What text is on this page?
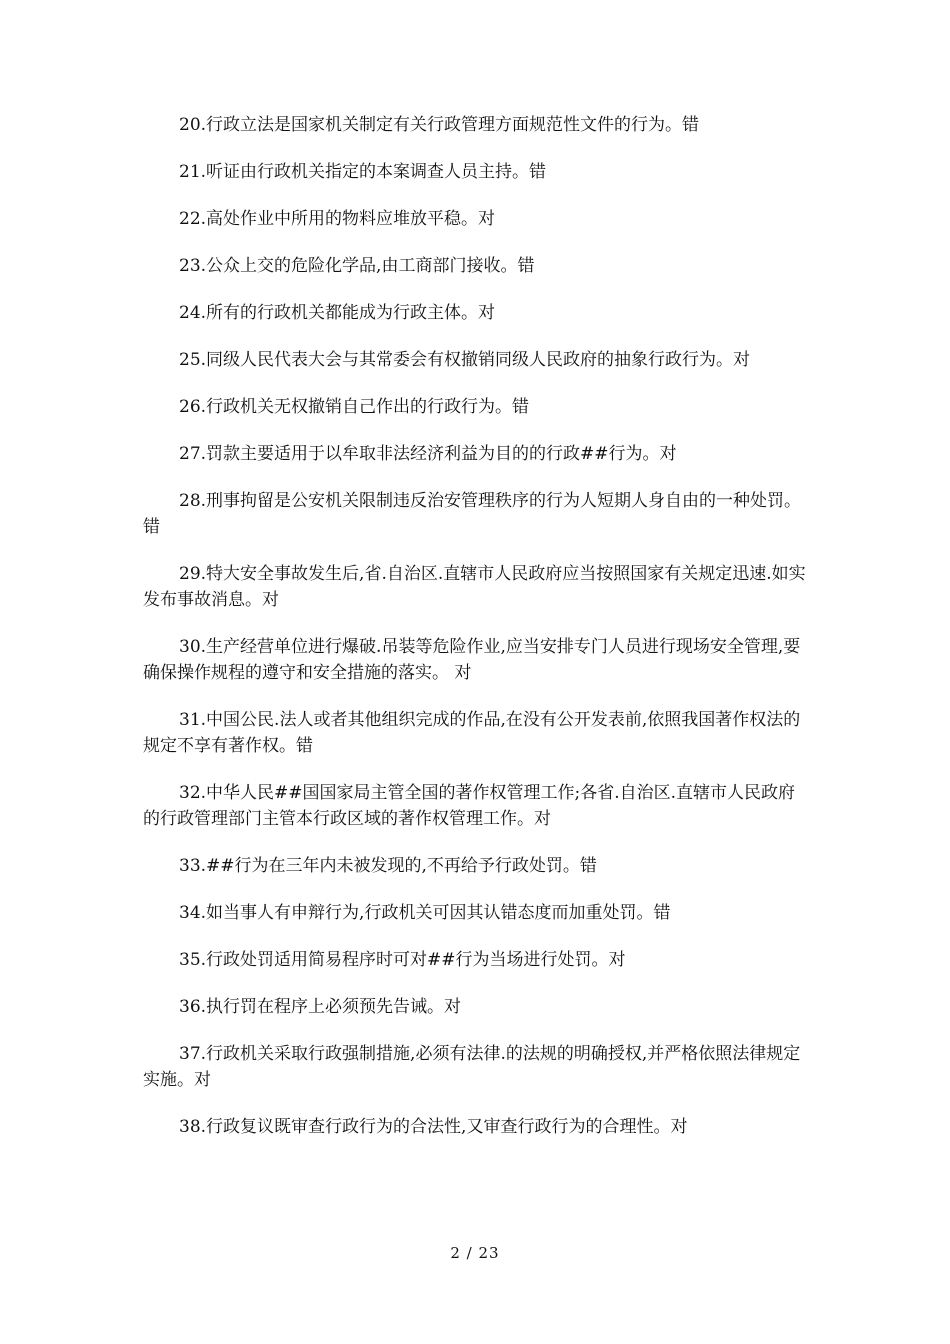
20.行政立法是国家机关制定有关行政管理方面规范性文件的行为。错

21.听证由行政机关指定的本案调查人员主持。错

22.高处作业中所用的物料应堆放平稳。对

23.公众上交的危险化学品,由工商部门接收。错

24.所有的行政机关都能成为行政主体。对

25.同级人民代表大会与其常委会有权撤销同级人民政府的抽象行政行为。对

26.行政机关无权撤销自己作出的行政行为。错

27.罚款主要适用于以牟取非法经济利益为目的的行政##行为。对

28.刑事拘留是公安机关限制违反治安管理秩序的行为人短期人身自由的一种处罚。错

29.特大安全事故发生后,省.自治区.直辖市人民政府应当按照国家有关规定迅速.如实发布事故消息。对

30.生产经营单位进行爆破.吊装等危险作业,应当安排专门人员进行现场安全管理,要确保操作规程的遵守和安全措施的落实。 对

31.中国公民.法人或者其他组织完成的作品,在没有公开发表前,依照我国著作权法的规定不享有著作权。错

32.中华人民##国国家局主管全国的著作权管理工作;各省.自治区.直辖市人民政府的行政管理部门主管本行政区域的著作权管理工作。对

33.##行为在三年内未被发现的,不再给予行政处罚。错

34.如当事人有申辩行为,行政机关可因其认错态度而加重处罚。错

35.行政处罚适用简易程序时可对##行为当场进行处罚。对

36.执行罚在程序上必须预先告诫。对

37.行政机关采取行政强制措施,必须有法律.的法规的明确授权,并严格依照法律规定实施。对

38.行政复议既审查行政行为的合法性,又审查行政行为的合理性。对

2 / 23
